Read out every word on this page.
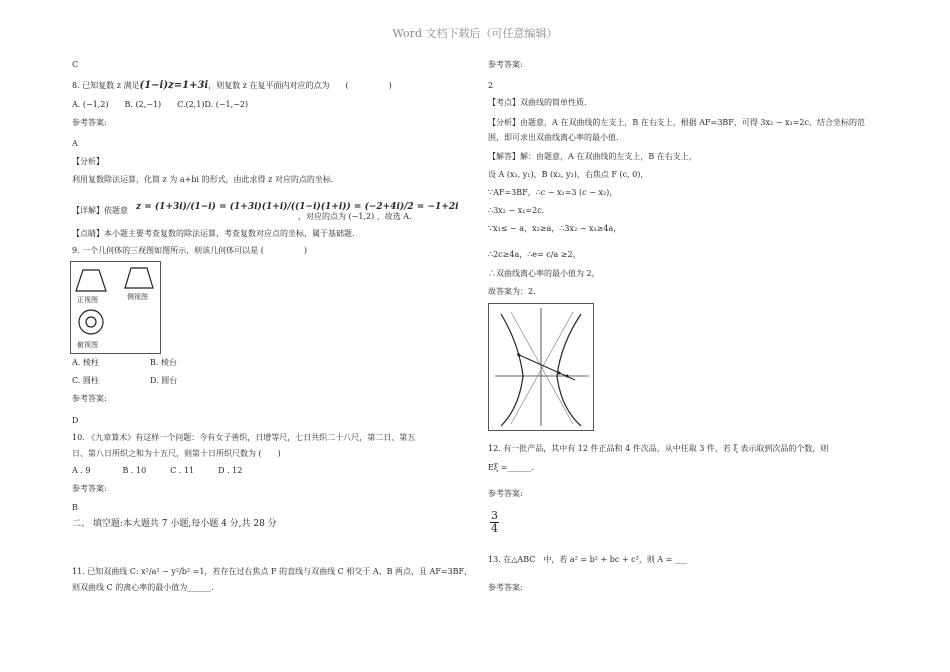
Word 文档下载后（可任意编辑）
C
8. 已知复数 z 满足(1−i)z=1+3i，则复数 z 在复平面内对应的点为　　(　　　　　)
A. (−1,2)　　B. (2,−1)　　C.(2,1)D. (−1,−2)
参考答案:
A
【分析】
利用复数除法运算，化简 z 为 a+bi 的形式，由此求得 z 对应的点的坐标.
【详解】依题意 z = (1+3i)/(1−i) = (1+3i)(1+i)/((1−i)(1+i)) = (−2+4i)/2 = −1+2i
，对应的点为 (−1,2) ，故选 A.
【点睛】本小题主要考查复数的除法运算，考查复数对应点的坐标，属于基础题.
9. 一个几何体的三视图如图所示，则该几何体可以是 (　　　　　)
正视图	侧视图
俯视图
A. 棱柱	B. 棱台
C. 圆柱	D. 圆台
参考答案:
D
10. 《九章算术》有这样一个问题：今有女子善织，日增等尺，七日共织二十八尺，第二日、第五
日、第八日所织之和为十五尺，则第十日所织尺数为 (　　)
A . 9　　　　B . 10　　　C . 11　　　D . 12
参考答案:
B
二、 填空题:本大题共 7 小题,每小题 4 分,共 28 分
11. 已知双曲线 C: x²/a² − y²/b² =1，若存在过右焦点 F 的直线与双曲线 C 相交于 A、B 两点，且 AF=3BF，
则双曲线 C 的离心率的最小值为______.
参考答案:
2
【考点】双曲线的简单性质.
【分析】由题意，A 在双曲线的左支上，B 在右支上，根据 AF=3BF，可得 3x₂ − x₁=2c，结合坐标的范
围，即可求出双曲线离心率的最小值.
【解答】解：由题意，A 在双曲线的左支上，B 在右支上，
设 A (x₁, y₁)，B (x₂, y₂)，右焦点 F (c, 0)，
∵AF=3BF，∴c − x₁=3 (c − x₂)，
∴3x₂ − x₁=2c.
∵x₁≤ − a，x₂≥a，∴3x₂ − x₁≥4a，
∴2c≥4a，∴e= c/a ≥2，
∴双曲线离心率的最小值为 2，
故答案为：2.
12. 有一批产品，其中有 12 件正品和 4 件次品，从中任取 3 件，若 ξ 表示取到次品的个数，则
Eξ =______.
参考答案:
$\frac{3}{4}$
13. 在△ABC　中，若 a² = b² + bc + c²，则 A = ___
参考答案:
